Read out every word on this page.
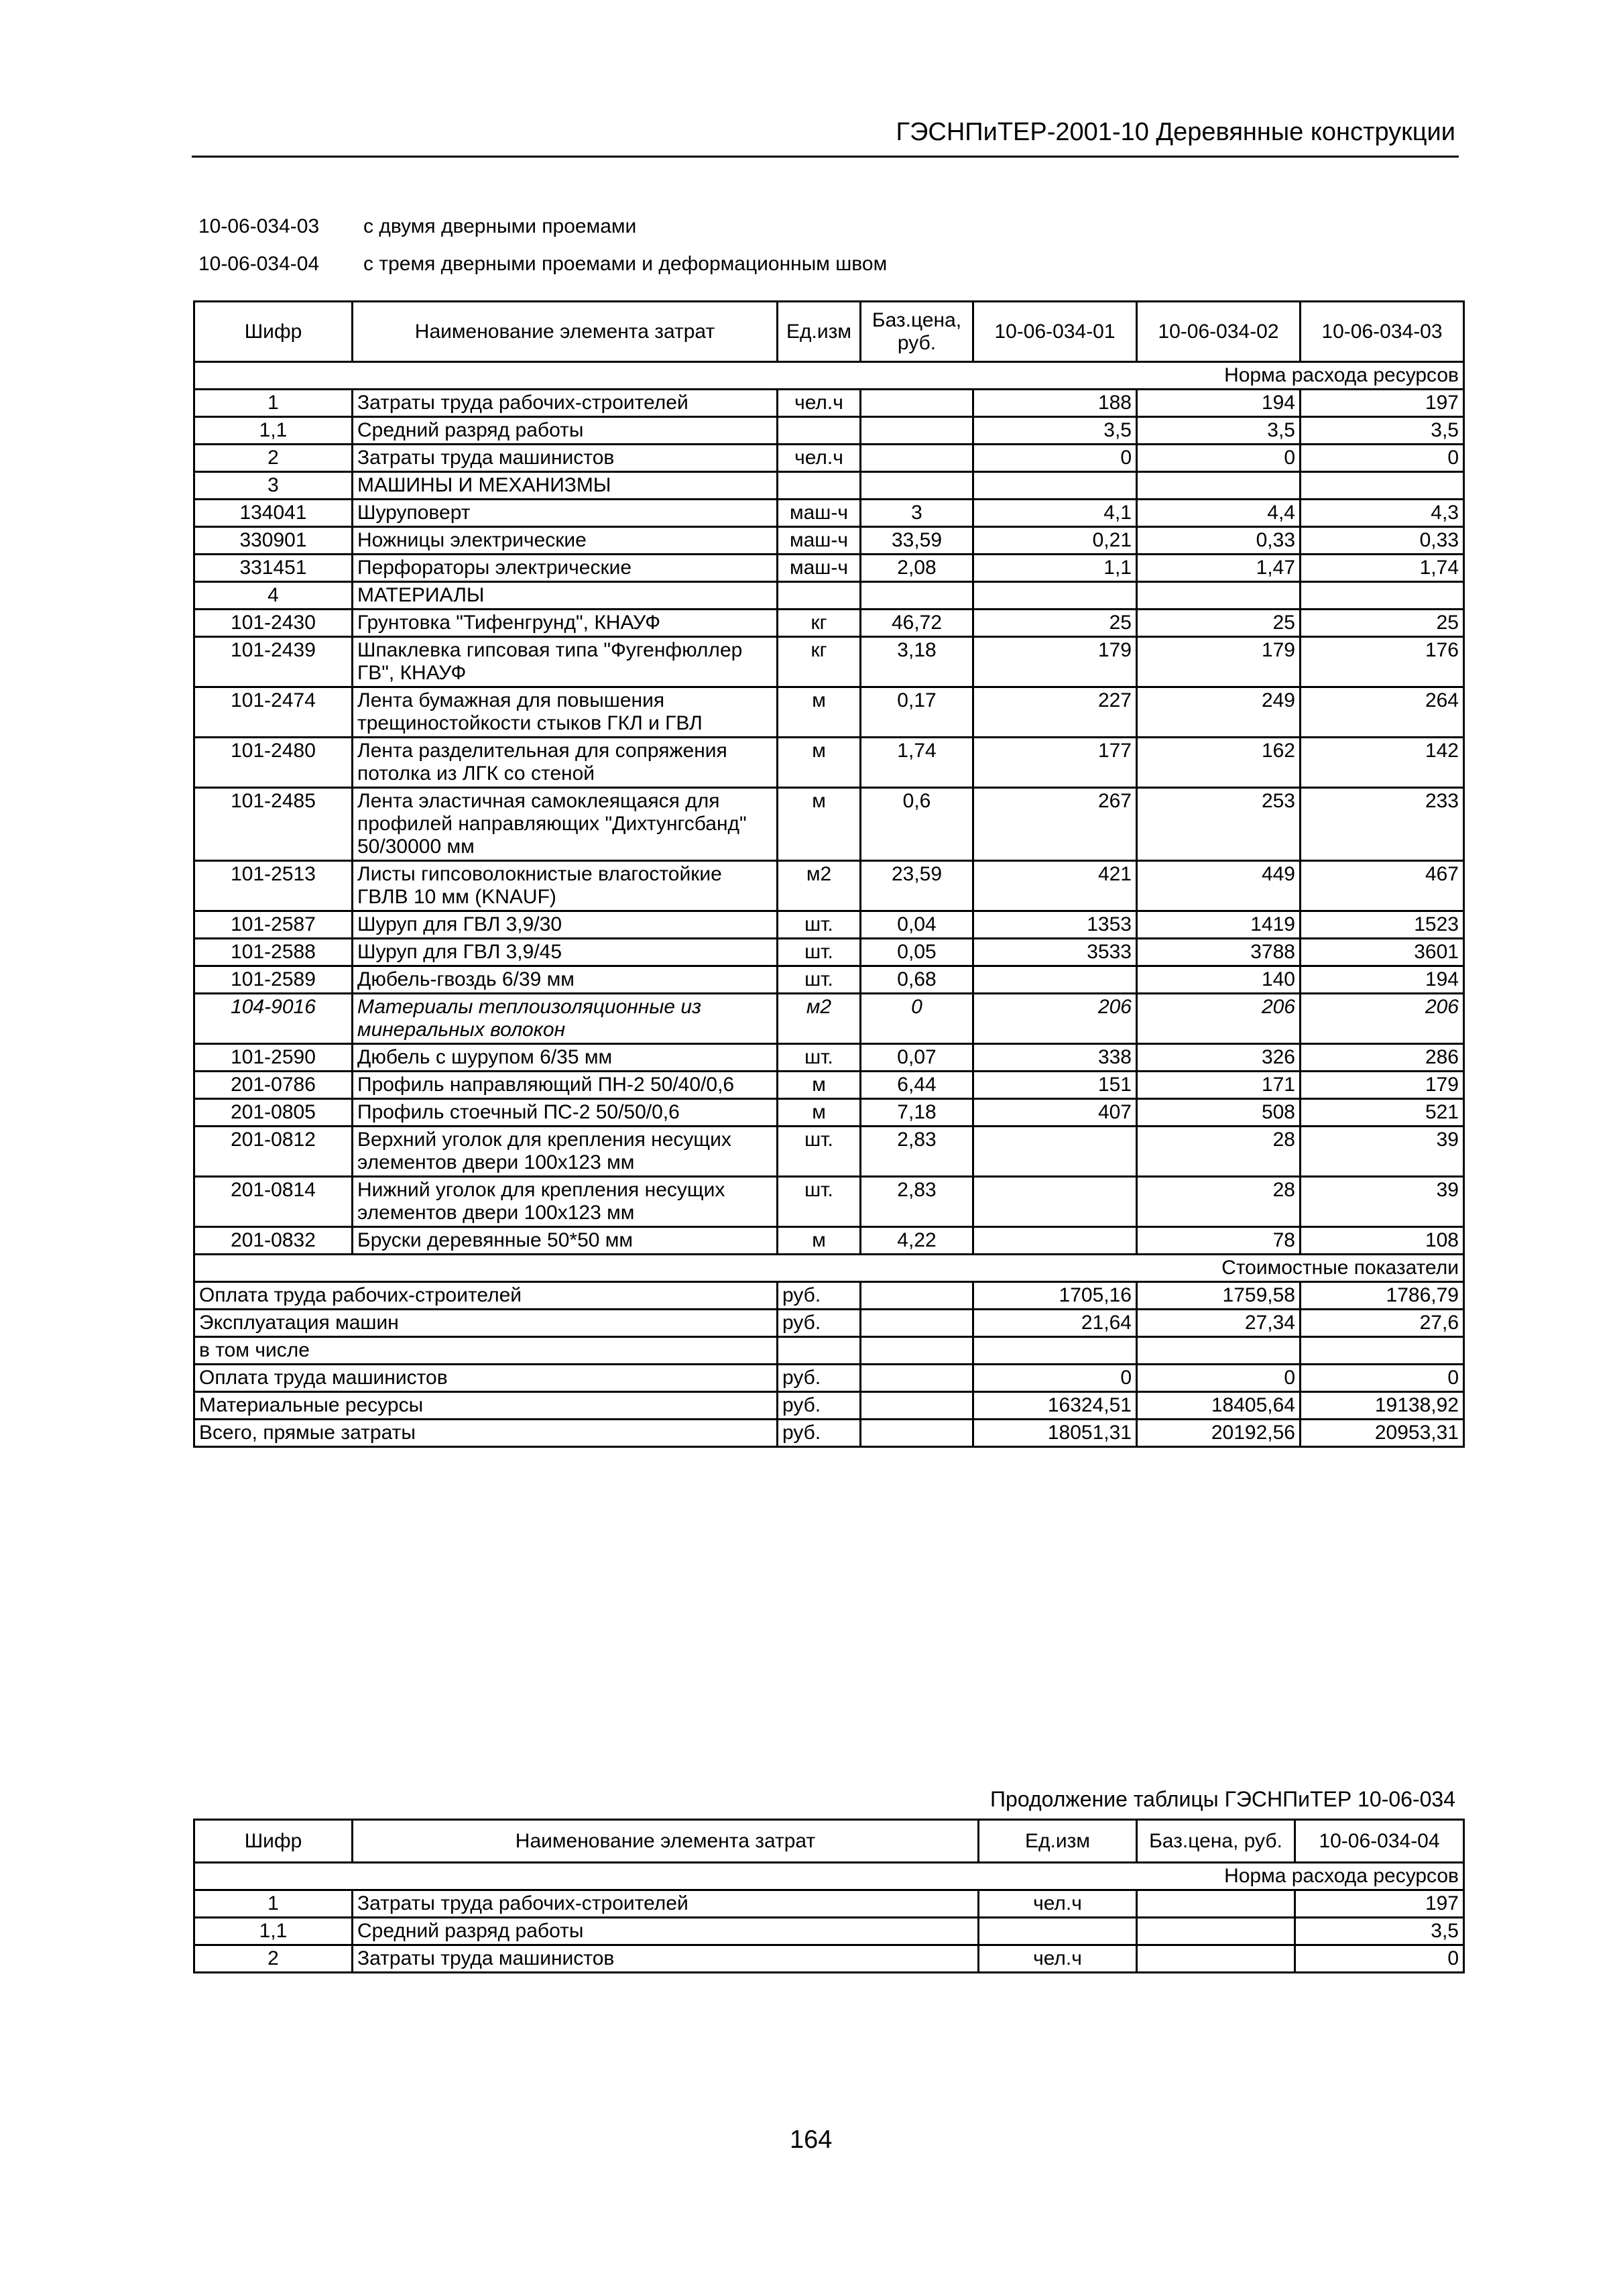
ГЭСНПиТЕР-2001-10 Деревянные конструкции
10-06-034-03 с двумя дверными проемами
10-06-034-04 с тремя дверными проемами и деформационным швом
Шифр	Наименование элемента затрат	Ед.изм	Баз.цена, руб.	10-06-034-01	10-06-034-02	10-06-034-03
Норма расхода ресурсов						
1	Затраты труда рабочих-строителей	чел.ч		188	194	197
1,1	Средний разряд работы			3,5	3,5	3,5
2	Затраты труда машинистов	чел.ч		0	0	0
3	МАШИНЫ И МЕХАНИЗМЫ					
134041	Шуруповерт	маш-ч	3	4,1	4,4	4,3
330901	Ножницы электрические	маш-ч	33,59	0,21	0,33	0,33
331451	Перфораторы электрические	маш-ч	2,08	1,1	1,47	1,74
4	МАТЕРИАЛЫ					
101-2430	Грунтовка "Тифенгрунд", КНАУФ	кг	46,72	25	25	25
101-2439	Шпаклевка гипсовая типа "Фугенфюллер ГВ", КНАУФ	кг	3,18	179	179	176
101-2474	Лента бумажная для повышения трещиностойкости стыков ГКЛ и ГВЛ	м	0,17	227	249	264
101-2480	Лента разделительная для сопряжения потолка из ЛГК со стеной	м	1,74	177	162	142
101-2485	Лента эластичная самоклеящаяся для профилей направляющих "Дихтунгсбанд" 50/30000 мм	м	0,6	267	253	233
101-2513	Листы гипсоволокнистые влагостойкие ГВЛВ 10 мм (KNAUF)	м2	23,59	421	449	467
101-2587	Шуруп для ГВЛ 3,9/30	шт.	0,04	1353	1419	1523
101-2588	Шуруп для ГВЛ 3,9/45	шт.	0,05	3533	3788	3601
101-2589	Дюбель-гвоздь 6/39 мм	шт.	0,68		140	194
104-9016	Материалы теплоизоляционные из минеральных волокон	м2	0	206	206	206
101-2590	Дюбель с шурупом 6/35 мм	шт.	0,07	338	326	286
201-0786	Профиль направляющий ПН-2 50/40/0,6	м	6,44	151	171	179
201-0805	Профиль стоечный ПС-2 50/50/0,6	м	7,18	407	508	521
201-0812	Верхний уголок для крепления несущих элементов двери 100x123 мм	шт.	2,83		28	39
201-0814	Нижний уголок для крепления несущих элементов двери 100x123 мм	шт.	2,83		28	39
201-0832	Бруски деревянные 50*50 мм	м	4,22		78	108
Стоимостные показатели						
Оплата труда рабочих-строителей		руб.		1705,16	1759,58	1786,79
Эксплуатация машин		руб.		21,64	27,34	27,6
в том числе						
Оплата труда машинистов		руб.		0	0	0
Материальные ресурсы		руб.		16324,51	18405,64	19138,92
Всего, прямые затраты		руб.		18051,31	20192,56	20953,31
Продолжение таблицы ГЭСНПиТЕР 10-06-034
Шифр	Наименование элемента затрат	Ед.изм	Баз.цена, руб.	10-06-034-04
Норма расхода ресурсов				
1	Затраты труда рабочих-строителей	чел.ч		197
1,1	Средний разряд работы			3,5
2	Затраты труда машинистов	чел.ч		0
164
